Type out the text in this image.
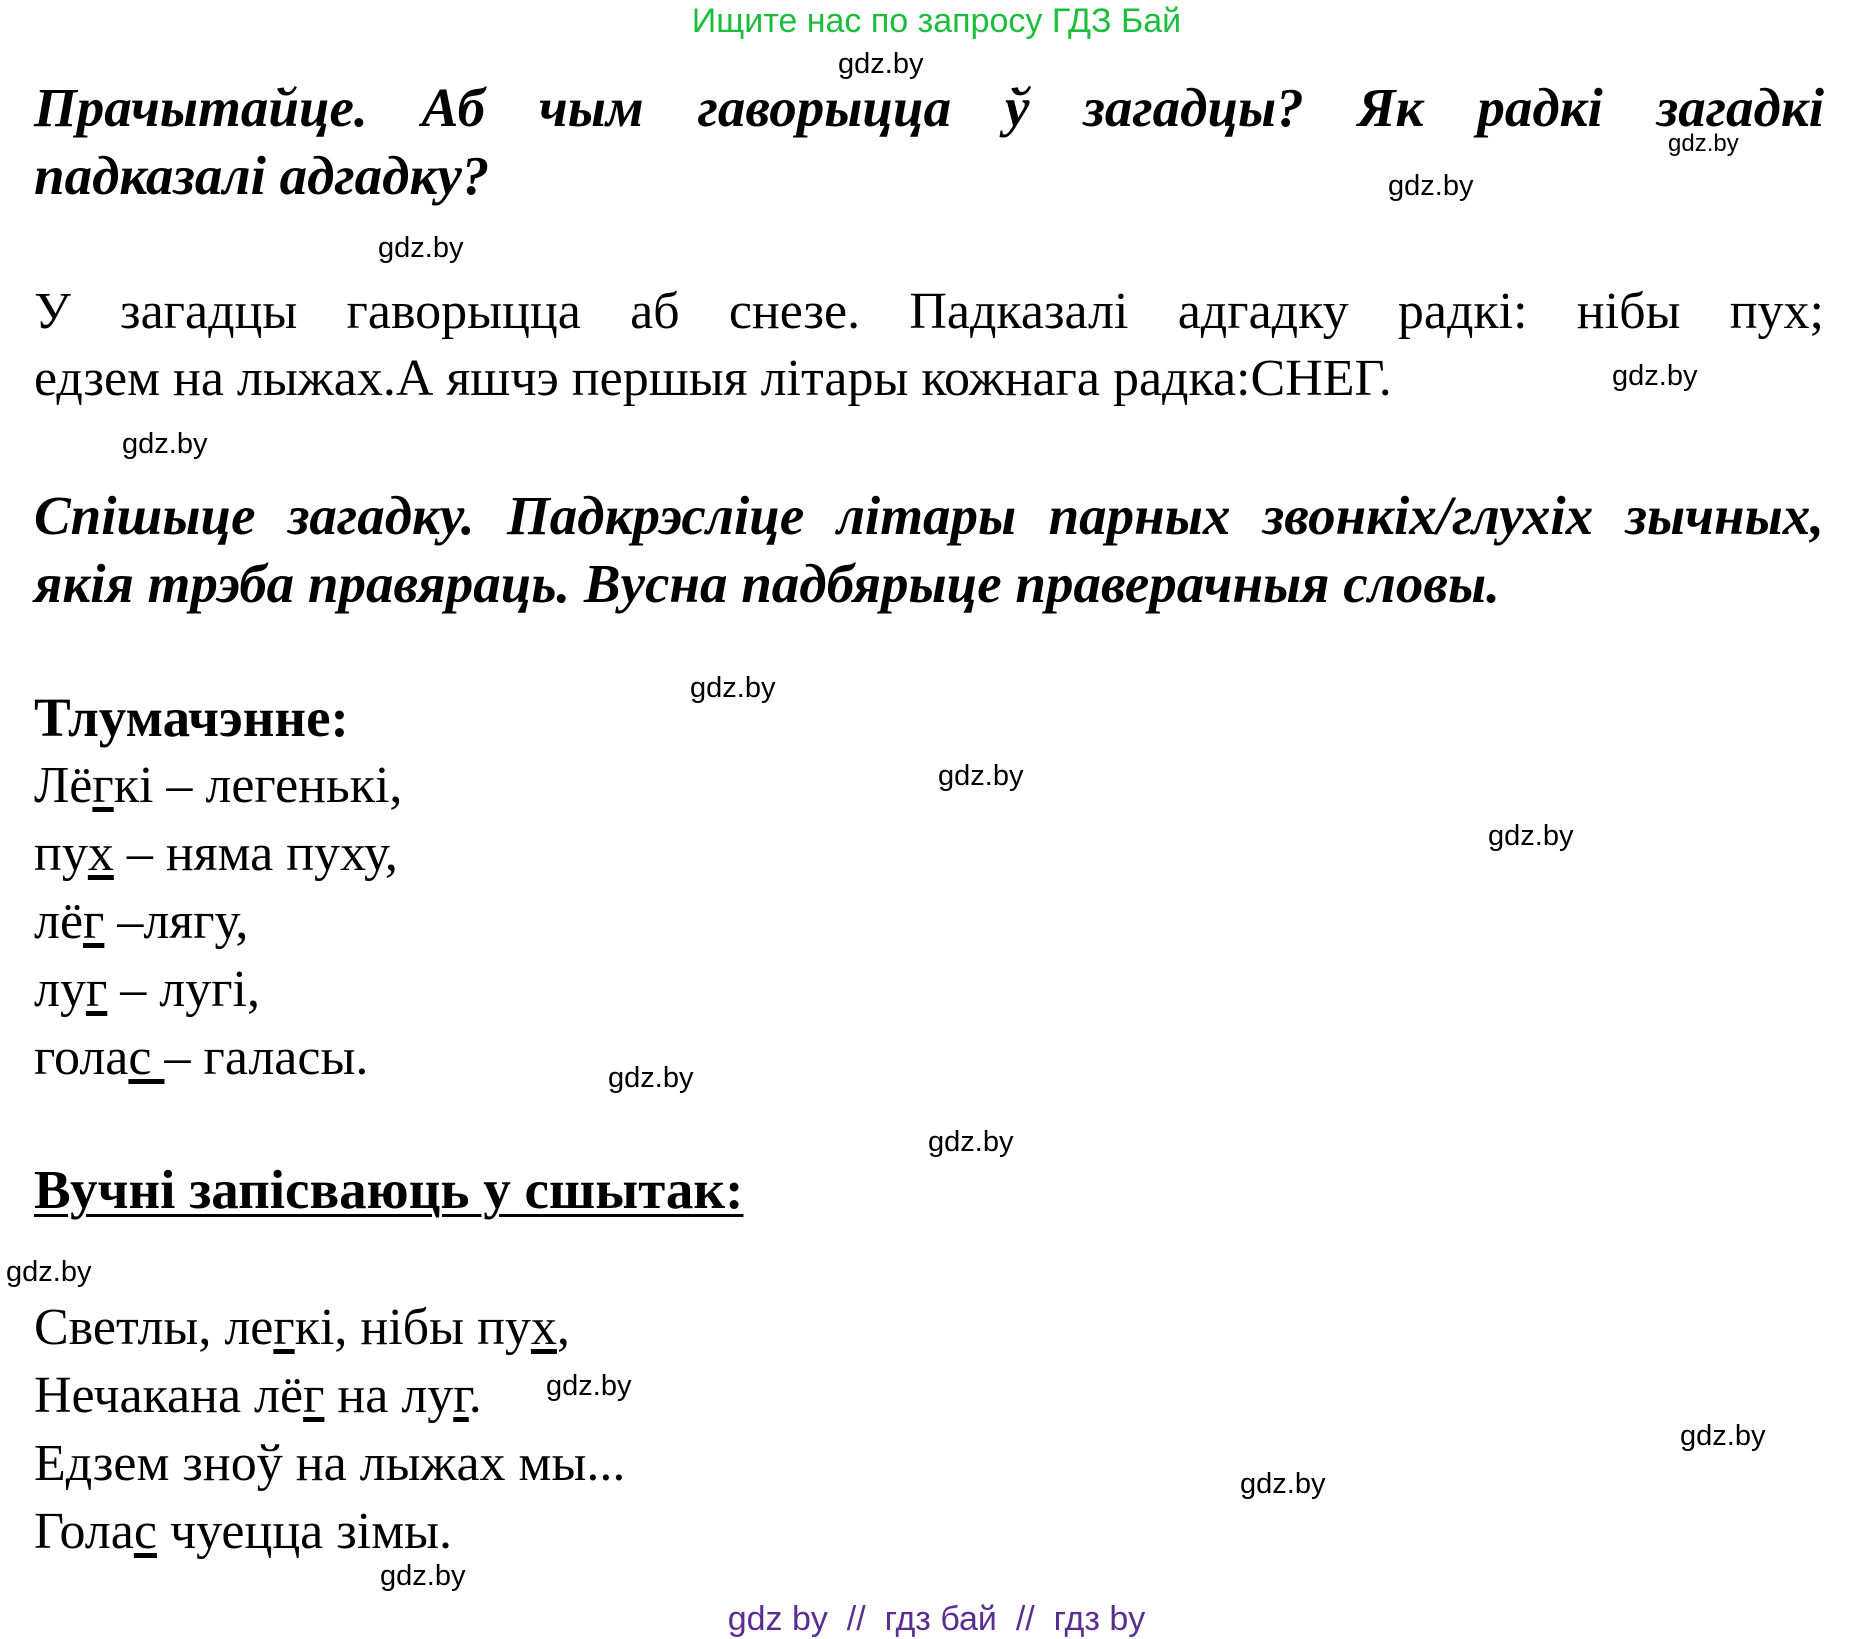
Ищите нас по запросу ГДЗ Бай
gdz.by
gdz.by
gdz.by
gdz.by
gdz.by
gdz.by
gdz.by
gdz.by
gdz.by
gdz.by
gdz.by
gdz.by
gdz.by
gdz.by
gdz.by
gdz.by
Прачытайце. Аб чым гаворыцца ў загадцы? Як радкі загадкі
падказалі адгадку?
У загадцы гаворыцца аб снезе. Падказалі адгадку радкі: нібы пух;
едзем на лыжах.А яшчэ першыя літары кожнага радка:СНЕГ.
Спішыце загадку. Падкрэсліце літары парных звонкіх/глухіх зычных,
якія трэба правяраць. Вусна падбярыце праверачныя словы.
Тлумачэнне:
Лёгкі – легенькі,
пух – няма пуху,
лёг –лягу,
луг – лугі,
голас – галасы.
Вучні запісваюць у сшытак:
Светлы, легкі, нібы пух,
Нечакана лёг на луг.
Едзем зноў на лыжах мы...
Голас чуецца зімы.
gdz by  //  гдз бай  //  гдз by
